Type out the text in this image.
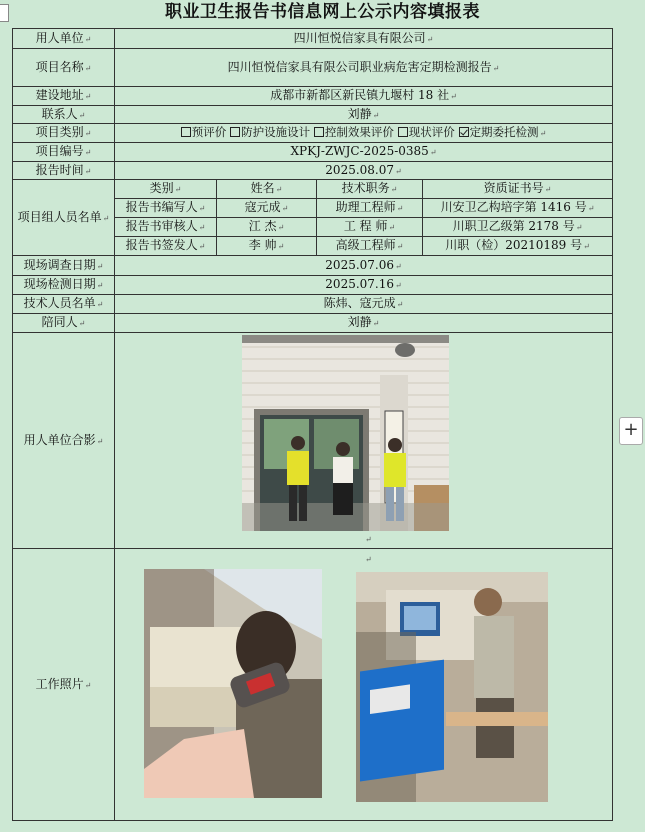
职业卫生报告书信息网上公示内容填报表
用人单位 ↵	四川恒悦信家具有限公司 ↵
项目名称 ↵	四川恒悦信家具有限公司职业病危害定期检测报告 ↵
建设地址 ↵	成都市新都区新民镇九堰村 18 社 ↵
联系人 ↵	刘静 ↵
项目类别 ↵	预评价 防护设施设计 控制效果评价 现状评价 定期委托检测 ↵
项目编号 ↵	XPKJ-ZWJC-2025-0385 ↵
报告时间 ↵	2025.08.07 ↵
项目组人员名单 ↵	类别 ↵	姓名 ↵	技术职务 ↵	资质证书号 ↵
	报告书编写人 ↵	寇元成 ↵	助理工程师 ↵	川安卫乙构培字第 1416 号 ↵
	报告书审核人 ↵	江 杰 ↵	工 程 师 ↵	川职卫乙级第 2178 号 ↵
	报告书签发人 ↵	李 帅 ↵	高级工程师 ↵	川职（检）20210189 号 ↵
现场调查日期 ↵	2025.07.06 ↵
现场检测日期 ↵	2025.07.16 ↵
技术人员名单 ↵	陈炜、寇元成 ↵
陪同人 ↵	刘静 ↵
用人单位合影 ↵	
↵

工作照片 ↵	
↵
+
